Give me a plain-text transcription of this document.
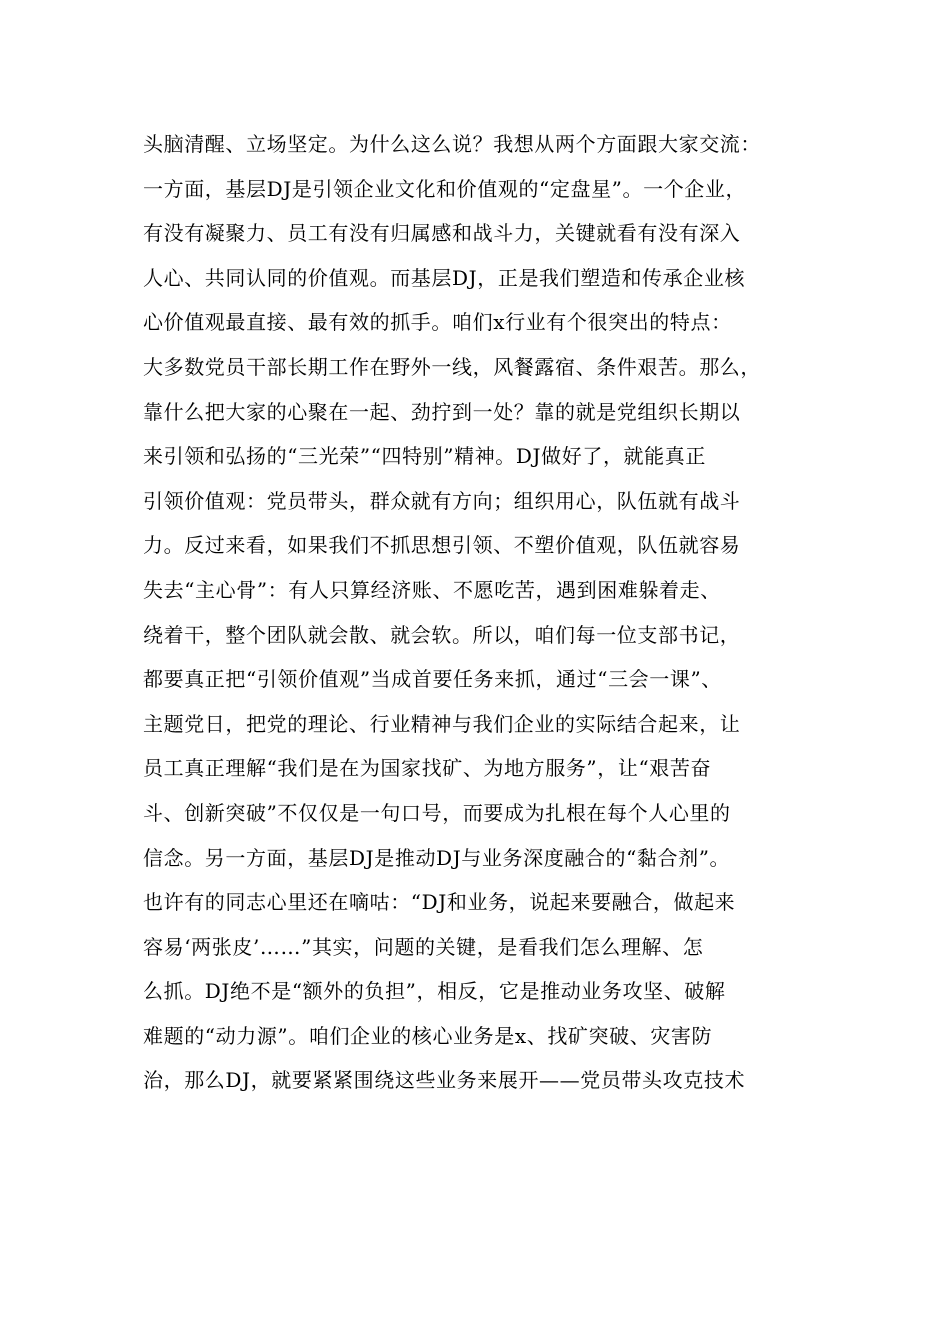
头脑清醒、立场坚定。为什么这么说？我想从两个方面跟大家交流：
一方面，基层DJ是引领企业文化和价值观的“定盘星”。一个企业，
有没有凝聚力、员工有没有归属感和战斗力，关键就看有没有深入
人心、共同认同的价值观。而基层DJ，正是我们塑造和传承企业核
心价值观最直接、最有效的抓手。咱们x行业有个很突出的特点：
大多数党员干部长期工作在野外一线，风餐露宿、条件艰苦。那么，
靠什么把大家的心聚在一起、劲拧到一处？靠的就是党组织长期以
来引领和弘扬的“三光荣”“四特别”精神。DJ做好了，就能真正
引领价值观：党员带头，群众就有方向；组织用心，队伍就有战斗
力。反过来看，如果我们不抓思想引领、不塑价值观，队伍就容易
失去“主心骨”：有人只算经济账、不愿吃苦，遇到困难躲着走、
绕着干，整个团队就会散、就会软。所以，咱们每一位支部书记，
都要真正把“引领价值观”当成首要任务来抓，通过“三会一课”、
主题党日，把党的理论、行业精神与我们企业的实际结合起来，让
员工真正理解“我们是在为国家找矿、为地方服务”，让“艰苦奋
斗、创新突破”不仅仅是一句口号，而要成为扎根在每个人心里的
信念。另一方面，基层DJ是推动DJ与业务深度融合的“黏合剂”。
也许有的同志心里还在嘀咕：“DJ和业务，说起来要融合，做起来
容易‘两张皮’……”其实，问题的关键，是看我们怎么理解、怎
么抓。DJ绝不是“额外的负担”，相反，它是推动业务攻坚、破解
难题的“动力源”。咱们企业的核心业务是x、找矿突破、灾害防
治，那么DJ，就要紧紧围绕这些业务来展开——党员带头攻克技术
